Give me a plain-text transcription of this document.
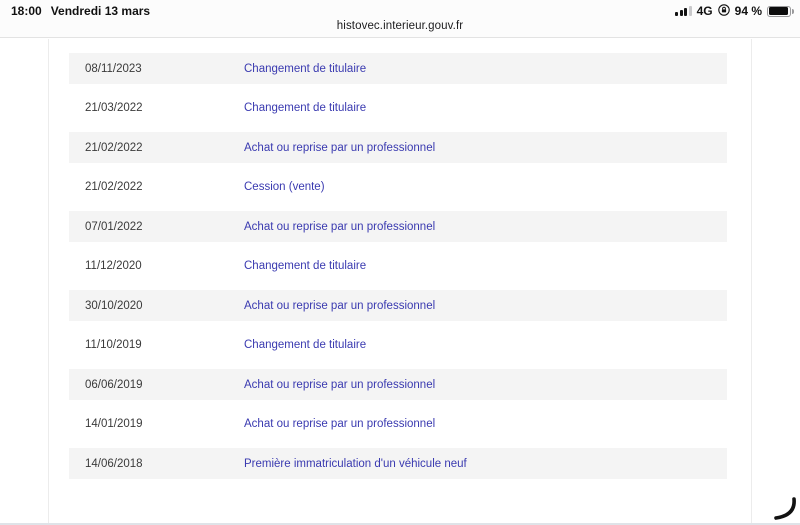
18:00 Vendredi 13 mars	4G 94 %
histovec.interieur.gouv.fr
08/11/2023	Changement de titulaire
21/03/2022	Changement de titulaire
21/02/2022	Achat ou reprise par un professionnel
21/02/2022	Cession (vente)
07/01/2022	Achat ou reprise par un professionnel
11/12/2020	Changement de titulaire
30/10/2020	Achat ou reprise par un professionnel
11/10/2019	Changement de titulaire
06/06/2019	Achat ou reprise par un professionnel
14/01/2019	Achat ou reprise par un professionnel
14/06/2018	Première immatriculation d'un véhicule neuf
